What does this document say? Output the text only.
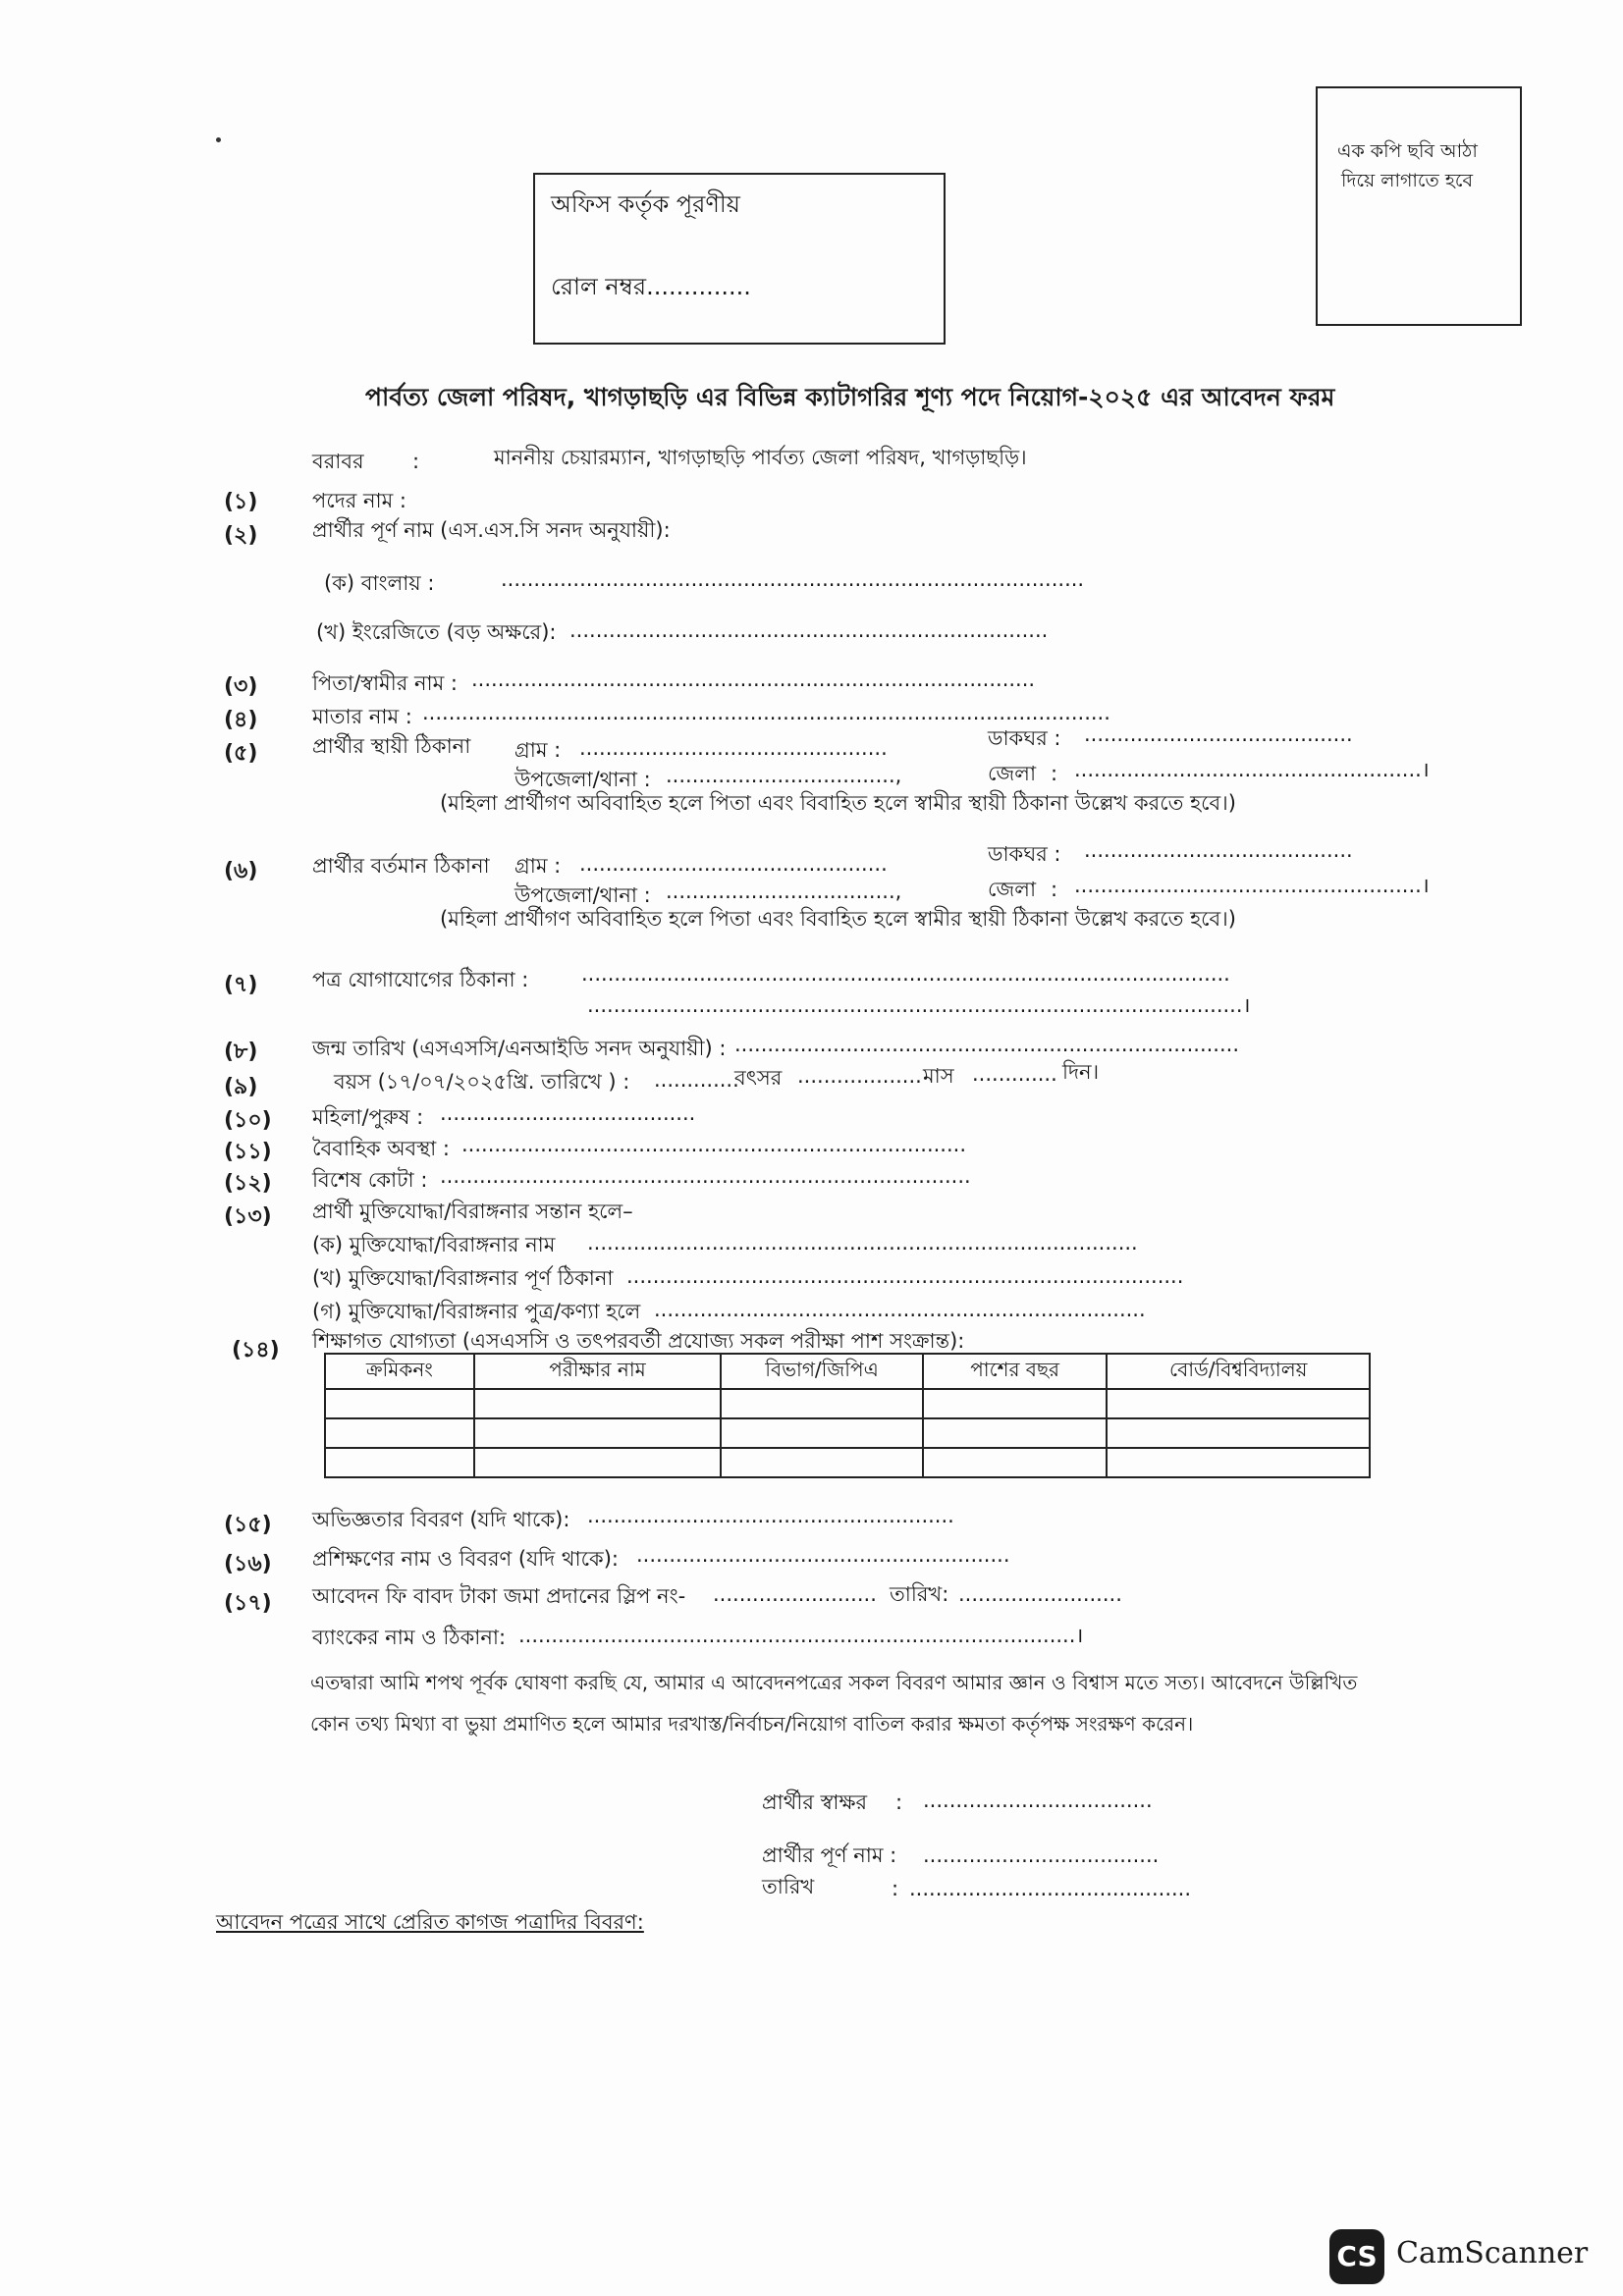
অফিস কর্তৃক পূরণীয়
রোল নম্বর..............
এক কপি ছবি আঠা
দিয়ে লাগাতে হবে
পার্বত্য জেলা পরিষদ, খাগড়াছড়ি এর বিভিন্ন ক্যাটাগরির শূণ্য পদে নিয়োগ-২০২৫ এর আবেদন ফরম
বরাবর :	মাননীয় চেয়ারম্যান, খাগড়াছড়ি পার্বত্য জেলা পরিষদ, খাগড়াছড়ি।
(১)	পদের নাম :
(২)	প্রার্থীর পূর্ণ নাম (এস.এস.সি সনদ অনুযায়ী):
(ক) বাংলায় :	.........................................................................................
(খ) ইংরেজিতে (বড় অক্ষরে): .........................................................................
(৩)	পিতা/স্বামীর নাম : ......................................................................................
(৪)	মাতার নাম : .........................................................................................................
(৫)	প্রার্থীর স্থায়ী ঠিকানা গ্রাম : ...............................................	ডাকঘর : .........................................
উপজেলা/থানা : ...................................,	জেলা : .....................................................।
(মহিলা প্রার্থীগণ অবিবাহিত হলে পিতা এবং বিবাহিত হলে স্বামীর স্থায়ী ঠিকানা উল্লেখ করতে হবে।)
(৬)	প্রার্থীর বর্তমান ঠিকানা গ্রাম : ...............................................	ডাকঘর : .........................................
উপজেলা/থানা : ...................................,	জেলা : .....................................................।
(মহিলা প্রার্থীগণ অবিবাহিত হলে পিতা এবং বিবাহিত হলে স্বামীর স্থায়ী ঠিকানা উল্লেখ করতে হবে।)
(৭)	পত্র যোগাযোগের ঠিকানা :	...................................................................................................
....................................................................................................।
(৮)	জন্ম তারিখ (এসএসসি/এনআইডি সনদ অনুযায়ী) : .............................................................................
(৯)	বয়স (১৭/০৭/২০২৫খ্রি. তারিখে ) : .............
বৎসর ................... মাস ............. দিন।
(১০) মহিলা/পুরুষ : .......................................
(১১) বৈবাহিক অবস্থা : .............................................................................
(১২) বিশেষ কোটা : .................................................................................
(১৩) প্রার্থী মুক্তিযোদ্ধা/বিরাঙ্গনার সন্তান হলে–
(ক) মুক্তিযোদ্ধা/বিরাঙ্গনার নাম ....................................................................................
(খ) মুক্তিযোদ্ধা/বিরাঙ্গনার পূর্ণ ঠিকানা .....................................................................................
(গ) মুক্তিযোদ্ধা/বিরাঙ্গনার পুত্র/কণ্যা হলে ...........................................................................
(১৪) শিক্ষাগত যোগ্যতা (এসএসসি ও তৎপরবর্তী প্রযোজ্য সকল পরীক্ষা পাশ সংক্রান্ত):
ক্রমিকনং	পরীক্ষার নাম	বিভাগ/জিপিএ	পাশের বছর	বোর্ড/বিশ্ববিদ্যালয়

(১৫) অভিজ্ঞতার বিবরণ (যদি থাকে): ........................................................
(১৬) প্রশিক্ষণের নাম ও বিবরণ (যদি থাকে): .........................................................
(১৭) আবেদন ফি বাবদ টাকা জমা প্রদানের স্লিপ নং- ......................... তারিখ: .........................
ব্যাংকের নাম ও ঠিকানা: .....................................................................................।
এতদ্বারা আমি শপথ পূর্বক ঘোষণা করছি যে, আমার এ আবেদনপত্রের সকল বিবরণ আমার জ্ঞান ও বিশ্বাস মতে সত্য। আবেদনে উল্লিখিত
কোন তথ্য মিথ্যা বা ভুয়া প্রমাণিত হলে আমার দরখাস্ত/নির্বাচন/নিয়োগ বাতিল করার ক্ষমতা কর্তৃপক্ষ সংরক্ষণ করেন।
প্রার্থীর স্বাক্ষর : ...................................
প্রার্থীর পূর্ণ নাম : ....................................
তারিখ	: ...........................................
আবেদন পত্রের সাথে প্রেরিত কাগজ পত্রাদির বিবরণ:
CS CamScanner
